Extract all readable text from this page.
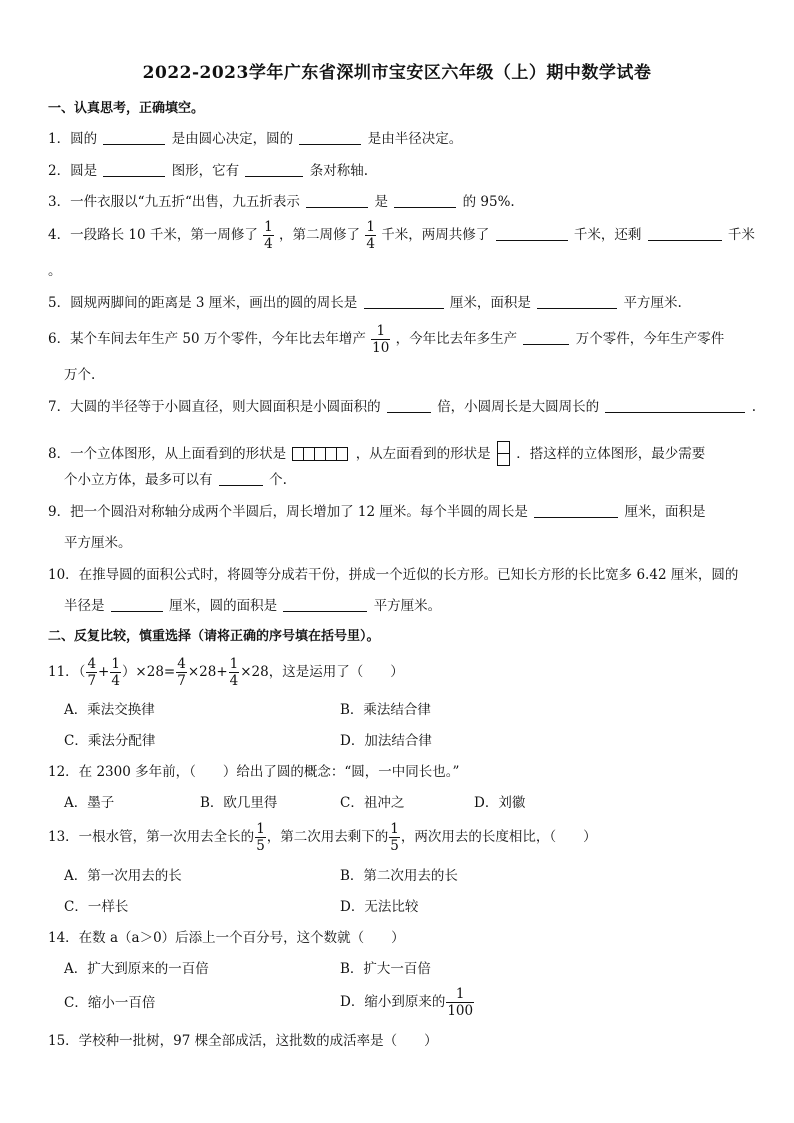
2022-2023学年广东省深圳市宝安区六年级（上）期中数学试卷
一、认真思考，正确填空。
1．圆的	是由圆心决定，圆的	是由半径决定。
2．圆是	图形，它有	条对称轴.
3．一件衣服以“九五折“出售，九五折表示	是	的 95%.
4．一段路长 10 千米，第一周修了 $\frac{1}{4}$ ，第二周修了 $\frac{1}{4}$ 千米，两周共修了	千米，还剩	千米
。
5．圆规两脚间的距离是 3 厘米，画出的圆的周长是	厘米，面积是	平方厘米.
6．某个车间去年生产 50 万个零件，今年比去年增产 $\frac{1}{10}$ ，今年比去年多生产	万个零件，今年生产零件
万个.
7．大圆的半径等于小圆直径，则大圆面积是小圆面积的	倍，小圆周长是大圆周长的	.
8．一个立体图形，从上面看到的形状是	，从左面看到的形状是 ．搭这样的立体图形，最少需要
个小立方体，最多可以有	个.
9．把一个圆沿对称轴分成两个半圆后，周长增加了 12 厘米。每个半圆的周长是	厘米，面积是
平方厘米。
10．在推导圆的面积公式时，将圆等分成若干份，拼成一个近似的长方形。已知长方形的长比宽多 6.42 厘米，圆的
半径是	厘米，圆的面积是	平方厘米。
二、反复比较，慎重选择（请将正确的序号填在括号里）。
11．（ $\frac{4}{7} + \frac{1}{4} )\times 28= \frac{4}{7} \times 28+ \frac{1}{4} \times 28$，这是运用了（　　）
A．乘法交换律	B．乘法结合律
C．乘法分配律	D．加法结合律
12．在 2300 多年前，（　　）给出了圆的概念：“圆，一中同长也。”
A．墨子	B．欧几里得	C．祖冲之	D．刘徽
13．一根水管，第一次用去全长的 $\frac{1}{5}$ ，第二次用去剩下的 $\frac{1}{5}$ ，两次用去的长度相比，（　　）
A．第一次用去的长	B．第二次用去的长
C．一样长	D．无法比较
14．在数 a（a＞0）后添上一个百分号，这个数就（　　）
A．扩大到原来的一百倍	B．扩大一百倍
C．缩小一百倍	D．缩小到原来的 $\frac{1}{100}$
15．学校种一批树，97 棵全部成活，这批数的成活率是（　　）
